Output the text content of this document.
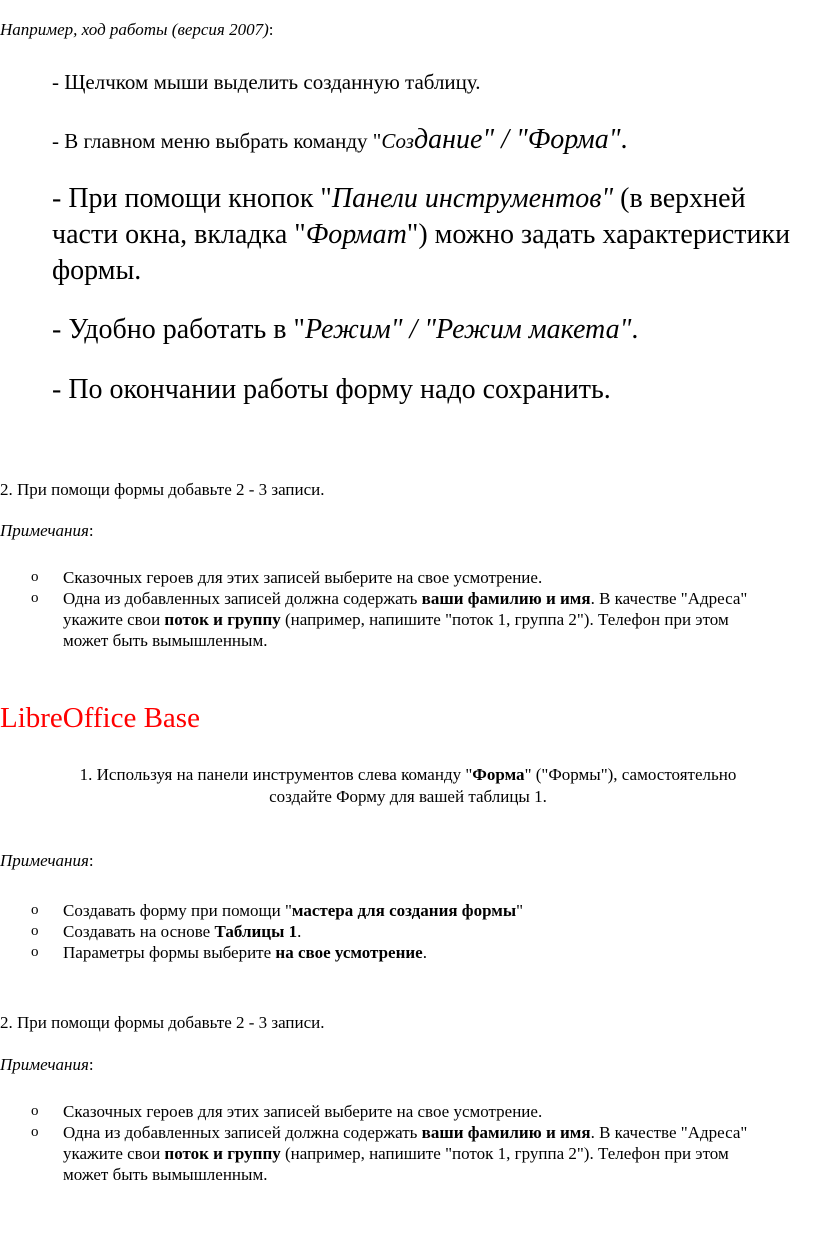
Например, ход работы (версия 2007):
- Щелчком мыши выделить созданную таблицу.
- В главном меню выбрать команду "Создание" / "Форма".
- При помощи кнопок "Панели инструментов" (в верхней части окна, вкладка "Формат") можно задать характеристики формы.
- Удобно работать в "Режим" / "Режим макета".
- По окончании работы форму надо сохранить.
2. При помощи формы добавьте 2 - 3 записи.
Примечания:
o Сказочных героев для этих записей выберите на свое усмотрение.
o Одна из добавленных записей должна содержать ваши фамилию и имя. В качестве "Адреса" укажите свои поток и группу (например, напишите "поток 1, группа 2"). Телефон при этом может быть вымышленным.
LibreOffice Base
1. Используя на панели инструментов слева команду "Форма" ("Формы"), самостоятельно
создайте Форму для вашей таблицы 1.
Примечания:
o Создавать форму при помощи "мастера для создания формы"
o Создавать на основе Таблицы 1.
o Параметры формы выберите на свое усмотрение.
2. При помощи формы добавьте 2 - 3 записи.
Примечания:
o Сказочных героев для этих записей выберите на свое усмотрение.
o Одна из добавленных записей должна содержать ваши фамилию и имя. В качестве "Адреса" укажите свои поток и группу (например, напишите "поток 1, группа 2"). Телефон при этом может быть вымышленным.
